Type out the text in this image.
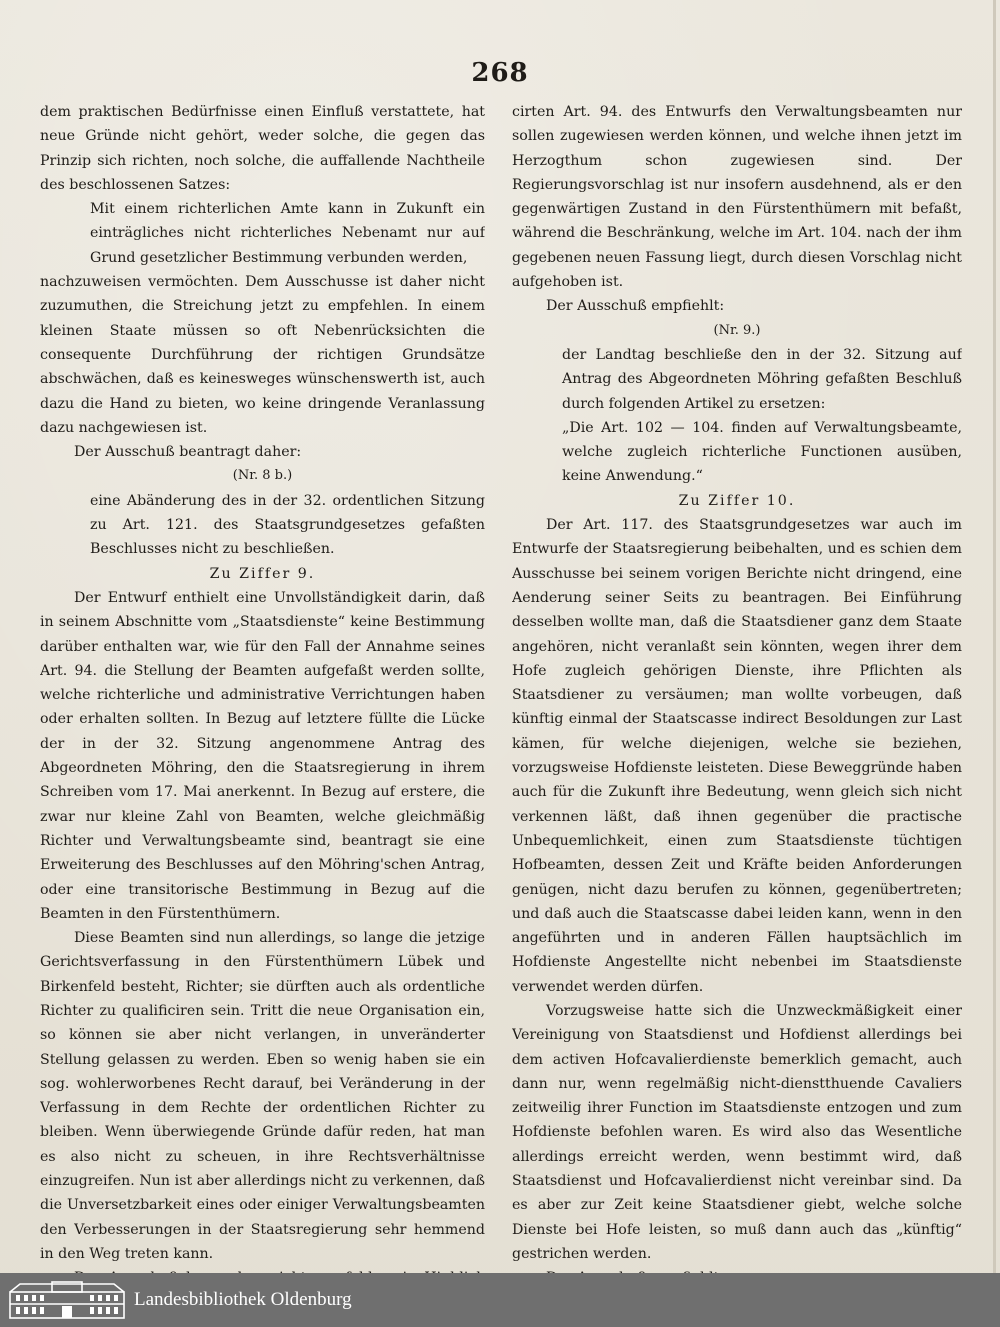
268
dem praktischen Bedürfnisse einen Einfluß verstattete, hat neue Gründe nicht gehört, weder solche, die gegen das Prinzip sich richten, noch solche, die auffallende Nachtheile des beschlossenen Satzes:
Mit einem richterlichen Amte kann in Zukunft ein einträgliches nicht richterliches Nebenamt nur auf Grund gesetzlicher Bestimmung verbunden werden,
nachzuweisen vermöchten. Dem Ausschusse ist daher nicht zuzumuthen, die Streichung jetzt zu empfehlen. In einem kleinen Staate müssen so oft Nebenrücksichten die consequente Durchführung der richtigen Grundsätze abschwächen, daß es keinesweges wünschenswerth ist, auch dazu die Hand zu bieten, wo keine dringende Veranlassung dazu nachgewiesen ist.
Der Ausschuß beantragt daher:
(Nr. 8 b.)
eine Abänderung des in der 32. ordentlichen Sitzung zu Art. 121. des Staatsgrundgesetzes gefaßten Beschlusses nicht zu beschließen.
Zu Ziffer 9.
Der Entwurf enthielt eine Unvollständigkeit darin, daß in seinem Abschnitte vom „Staatsdienste“ keine Bestimmung darüber enthalten war, wie für den Fall der Annahme seines Art. 94. die Stellung der Beamten aufgefaßt werden sollte, welche richterliche und administrative Verrichtungen haben oder erhalten sollten. In Bezug auf letztere füllte die Lücke der in der 32. Sitzung angenommene Antrag des Abgeordneten Möhring, den die Staatsregierung in ihrem Schreiben vom 17. Mai anerkennt. In Bezug auf erstere, die zwar nur kleine Zahl von Beamten, welche gleichmäßig Richter und Verwaltungsbeamte sind, beantragt sie eine Erweiterung des Beschlusses auf den Möhring'schen Antrag, oder eine transitorische Bestimmung in Bezug auf die Beamten in den Fürstenthümern.
Diese Beamten sind nun allerdings, so lange die jetzige Gerichtsverfassung in den Fürstenthümern Lübek und Birkenfeld besteht, Richter; sie dürften auch als ordentliche Richter zu qualificiren sein. Tritt die neue Organisation ein, so können sie aber nicht verlangen, in unveränderter Stellung gelassen zu werden. Eben so wenig haben sie ein sog. wohlerworbenes Recht darauf, bei Veränderung in der Verfassung in dem Rechte der ordentlichen Richter zu bleiben. Wenn überwiegende Gründe dafür reden, hat man es also nicht zu scheuen, in ihre Rechtsverhältnisse einzugreifen. Nun ist aber allerdings nicht zu verkennen, daß die Unversetzbarkeit eines oder einiger Verwaltungsbeamten den Verbesserungen in der Staatsregierung sehr hemmend in den Weg treten kann.
cirten Art. 94. des Entwurfs den Verwaltungsbeamten nur sollen zugewiesen werden können, und welche ihnen jetzt im Herzogthum schon zugewiesen sind. Der Regierungsvorschlag ist nur insofern ausdehnend, als er den gegenwärtigen Zustand in den Fürstenthümern mit befaßt, während die Beschränkung, welche im Art. 104. nach der ihm gegebenen neuen Fassung liegt, durch diesen Vorschlag nicht aufgehoben ist.
Der Ausschuß empfiehlt:
(Nr. 9.)
der Landtag beschließe den in der 32. Sitzung auf Antrag des Abgeordneten Möhring gefaßten Beschluß durch folgenden Artikel zu ersetzen:
„Die Art. 102 — 104. finden auf Verwaltungsbeamte, welche zugleich richterliche Functionen ausüben, keine Anwendung.“
Zu Ziffer 10.
Der Art. 117. des Staatsgrundgesetzes war auch im Entwurfe der Staatsregierung beibehalten, und es schien dem Ausschusse bei seinem vorigen Berichte nicht dringend, eine Aenderung seiner Seits zu beantragen. Bei Einführung desselben wollte man, daß die Staatsdiener ganz dem Staate angehören, nicht veranlaßt sein könnten, wegen ihrer dem Hofe zugleich gehörigen Dienste, ihre Pflichten als Staatsdiener zu versäumen; man wollte vorbeugen, daß künftig einmal der Staatscasse indirect Besoldungen zur Last kämen, für welche diejenigen, welche sie beziehen, vorzugsweise Hofdienste leisteten. Diese Beweggründe haben auch für die Zukunft ihre Bedeutung, wenn gleich sich nicht verkennen läßt, daß ihnen gegenüber die practische Unbequemlichkeit, einen zum Staatsdienste tüchtigen Hofbeamten, dessen Zeit und Kräfte beiden Anforderungen genügen, nicht dazu berufen zu können, gegenübertreten; und daß auch die Staatscasse dabei leiden kann, wenn in den angeführten und in anderen Fällen hauptsächlich im Hofdienste Angestellte nicht nebenbei im Staatsdienste verwendet werden dürfen.
Vorzugsweise hatte sich die Unzweckmäßigkeit einer Vereinigung von Staatsdienst und Hofdienst allerdings bei dem activen Hofcavalierdienste bemerklich gemacht, auch dann nur, wenn regelmäßig nicht-dienstthuende Cavaliers zeitweilig ihrer Function im Staatsdienste entzogen und zum Hofdienste befohlen waren. Es wird also das Wesentliche allerdings erreicht werden, wenn bestimmt wird, daß Staatsdienst und Hofcavalierdienst nicht vereinbar sind. Da es aber zur Zeit keine Staatsdiener giebt, welche solche Dienste bei Hofe leisten, so muß dann auch das „künftig“ gestrichen werden.
Landesbibliothek Oldenburg
